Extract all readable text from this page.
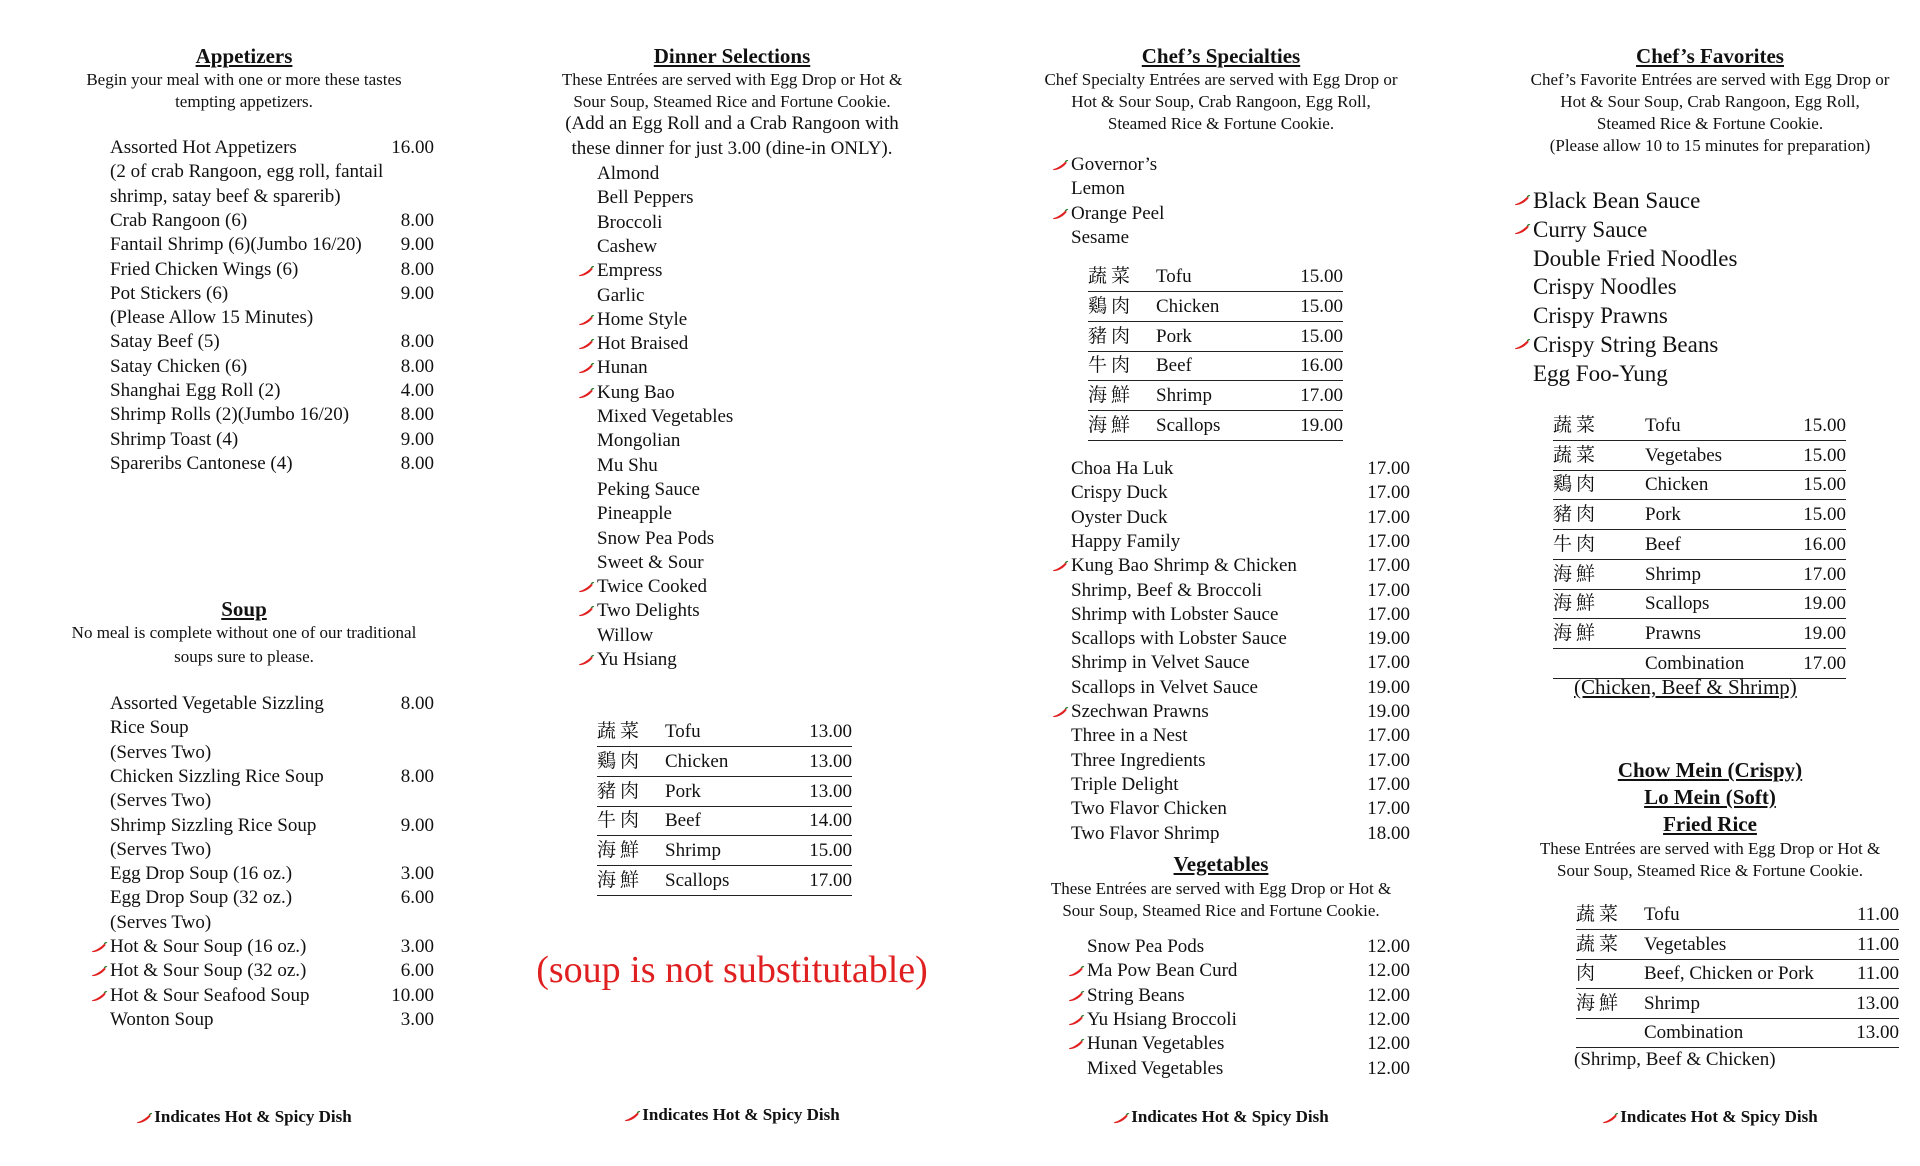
Appetizers
Begin your meal with one or more these tastes
tempting appetizers.
Assorted Hot Appetizers	16.00
(2 of crab Rangoon, egg roll, fantail
shrimp, satay beef & sparerib)
Crab Rangoon (6)	8.00
Fantail Shrimp (6)(Jumbo 16/20) 9.00
Fried Chicken Wings (6)	8.00
Pot Stickers (6)	9.00
(Please Allow 15 Minutes)
Satay Beef (5)	8.00
Satay Chicken (6)	8.00
Shanghai Egg Roll (2)	4.00
Shrimp Rolls (2)(Jumbo 16/20)	8.00
Shrimp Toast (4)	9.00
Spareribs Cantonese (4)	8.00
Soup
No meal is complete without one of our traditional
soups sure to please.
Assorted Vegetable Sizzling	8.00
Rice Soup
(Serves Two)
Chicken Sizzling Rice Soup	8.00
(Serves Two)
Shrimp Sizzling Rice Soup	9.00
(Serves Two)
Egg Drop Soup (16 oz.)	3.00
Egg Drop Soup (32 oz.)	6.00
(Serves Two)
Hot & Sour Soup (16 oz.)	3.00
Hot & Sour Soup (32 oz.)	6.00
Hot & Sour Seafood Soup	10.00
Wonton Soup	3.00
Indicates Hot & Spicy Dish
Dinner Selections
These Entrées are served with Egg Drop or Hot &
Sour Soup, Steamed Rice and Fortune Cookie.
(Add an Egg Roll and a Crab Rangoon with
these dinner for just 3.00 (dine-in ONLY).
Almond
Bell Peppers
Broccoli
Cashew
Empress
Garlic
Home Style
Hot Braised
Hunan
Kung Bao
Mixed Vegetables
Mongolian
Mu Shu
Peking Sauce
Pineapple
Snow Pea Pods
Sweet & Sour
Twice Cooked
Two Delights
Willow
Yu Hsiang
蔬菜 Tofu	13.00
鷄肉 Chicken	13.00
豬肉 Pork	13.00
牛肉 Beef	14.00
海鮮 Shrimp	15.00
海鮮 Scallops	17.00
(soup is not substitutable)
Indicates Hot & Spicy Dish
Chef’s Specialties
Chef Specialty Entrées are served with Egg Drop or
Hot & Sour Soup, Crab Rangoon, Egg Roll,
Steamed Rice & Fortune Cookie.
Governor’s
Lemon
Orange Peel
Sesame
蔬菜 Tofu	15.00
鷄肉 Chicken	15.00
豬肉 Pork	15.00
牛肉 Beef	16.00
海鮮 Shrimp	17.00
海鮮 Scallops	19.00
Choa Ha Luk	17.00
Crispy Duck	17.00
Oyster Duck	17.00
Happy Family	17.00
Kung Bao Shrimp & Chicken	17.00
Shrimp, Beef & Broccoli	17.00
Shrimp with Lobster Sauce	17.00
Scallops with Lobster Sauce	19.00
Shrimp in Velvet Sauce	17.00
Scallops in Velvet Sauce	19.00
Szechwan Prawns	19.00
Three in a Nest	17.00
Three Ingredients	17.00
Triple Delight	17.00
Two Flavor Chicken	17.00
Two Flavor Shrimp	18.00
Vegetables
These Entrées are served with Egg Drop or Hot &
Sour Soup, Steamed Rice and Fortune Cookie.
Snow Pea Pods	12.00
Ma Pow Bean Curd	12.00
String Beans	12.00
Yu Hsiang Broccoli	12.00
Hunan Vegetables	12.00
Mixed Vegetables	12.00
Indicates Hot & Spicy Dish
Chef’s Favorites
Chef’s Favorite Entrées are served with Egg Drop or
Hot & Sour Soup, Crab Rangoon, Egg Roll,
Steamed Rice & Fortune Cookie.
(Please allow 10 to 15 minutes for preparation)
Black Bean Sauce
Curry Sauce
Double Fried Noodles
Crispy Noodles
Crispy Prawns
Crispy String Beans
Egg Foo-Yung
蔬菜 Tofu	15.00
蔬菜 Vegetabes	15.00
鷄肉 Chicken	15.00
豬肉 Pork	15.00
牛肉 Beef	16.00
海鮮 Shrimp	17.00
海鮮 Scallops	19.00
海鮮 Prawns	19.00
Combination	17.00
(Chicken, Beef & Shrimp)
Chow Mein (Crispy)
Lo Mein (Soft)
Fried Rice
These Entrées are served with Egg Drop or Hot &
Sour Soup, Steamed Rice & Fortune Cookie.
蔬菜 Tofu	11.00
蔬菜 Vegetables	11.00
肉 Beef, Chicken or Pork 11.00
海鮮 Shrimp	13.00
Combination	13.00
(Shrimp, Beef & Chicken)
Indicates Hot & Spicy Dish
